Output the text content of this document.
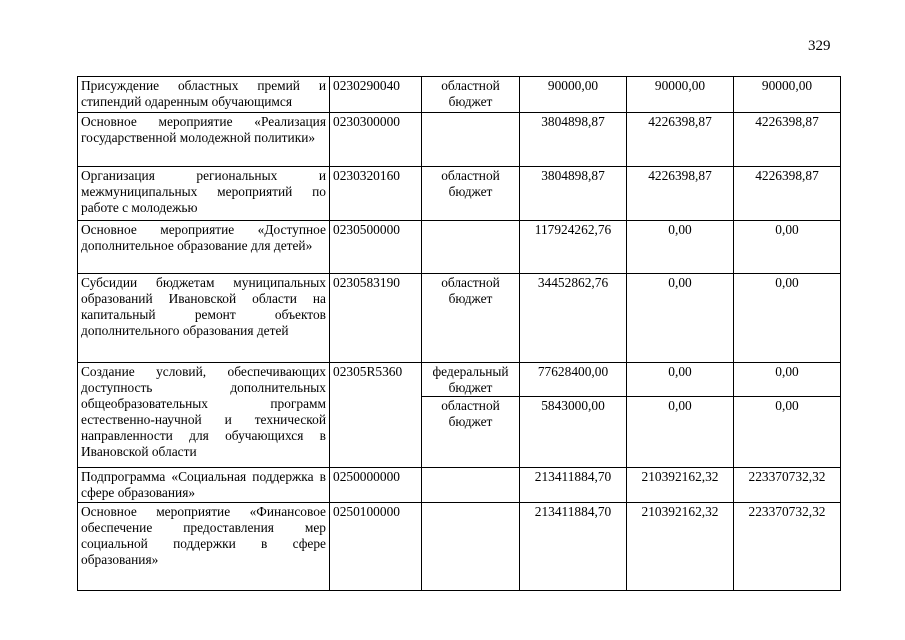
329
Присуждение областных премий и стипендий одаренным обучающимся	0230290040	областной бюджет	90000,00	90000,00	90000,00
Основное мероприятие «Реализация государственной молодежной политики»	0230300000		3804898,87	4226398,87	4226398,87
Организация региональных и межмуниципальных мероприятий по работе с молодежью	0230320160	областной бюджет	3804898,87	4226398,87	4226398,87
Основное мероприятие «Доступное дополнительное образование для детей»	0230500000		117924262,76	0,00	0,00
Субсидии бюджетам муниципальных образований Ивановской области на капитальный ремонт объектов дополнительного образования детей	0230583190	областной бюджет	34452862,76	0,00	0,00
Создание условий, обеспечивающих доступность дополнительных общеобразовательных программ естественно-научной и технической направленности для обучающихся в Ивановской области	02305R5360	федеральный бюджет	77628400,00	0,00	0,00
		областной бюджет	5843000,00	0,00	0,00
Подпрограмма «Социальная поддержка в сфере образования»	0250000000		213411884,70	210392162,32	223370732,32
Основное мероприятие «Финансовое обеспечение предоставления мер социальной поддержки в сфере образования»	0250100000		213411884,70	210392162,32	223370732,32
